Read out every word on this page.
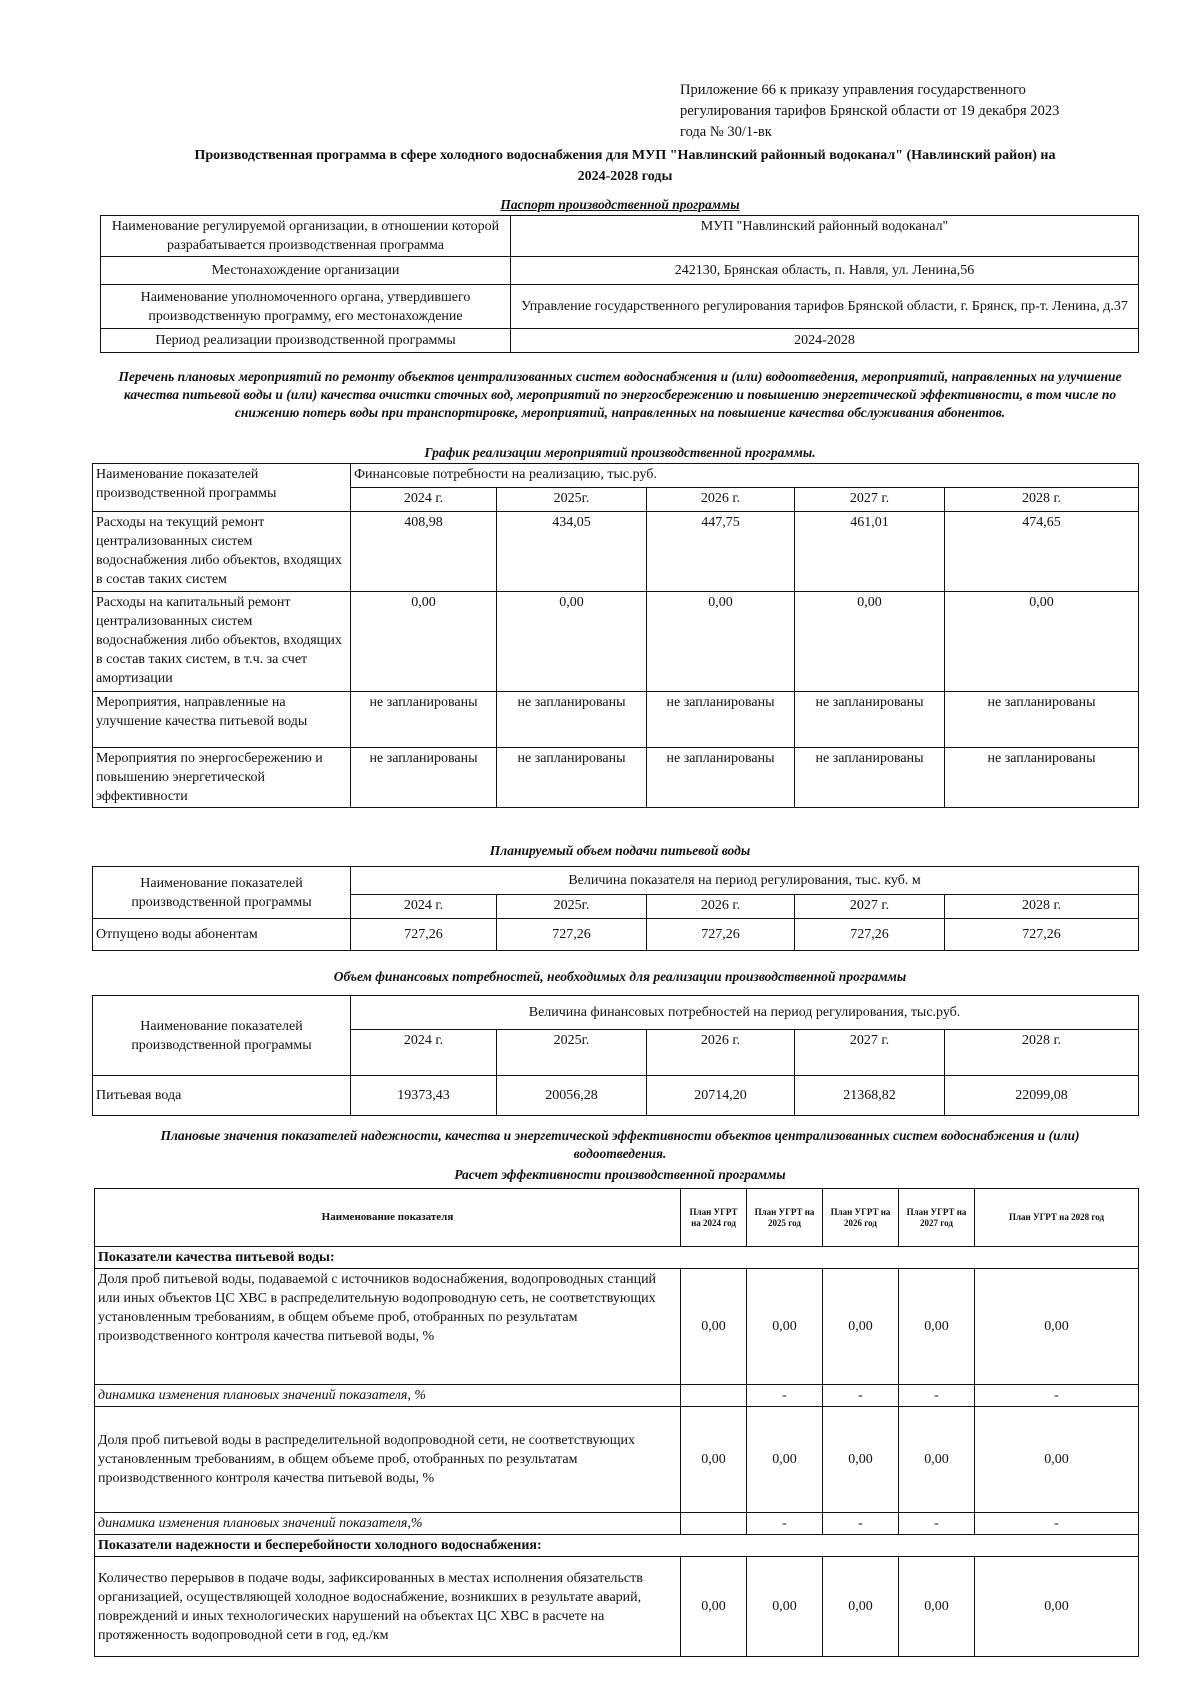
Приложение 66 к приказу управления государственного
регулирования тарифов Брянской области от 19 декабря 2023
года № 30/1-вк
Производственная программа в сфере холодного водоснабжения для МУП "Навлинский районный водоканал" (Навлинский район) на
2024-2028 годы
Паспорт производственной программы
Наименование регулируемой организации, в отношении которой разрабатывается производственная программа	МУП "Навлинский районный водоканал"
Местонахождение организации	242130, Брянская область, п. Навля, ул. Ленина,56
Наименование уполномоченного органа, утвердившего производственную программу, его местонахождение	Управление государственного регулирования тарифов Брянской области, г. Брянск, пр-т. Ленина, д.37
Период реализации производственной программы	2024-2028
Перечень плановых мероприятий по ремонту объектов централизованных систем водоснабжения и (или) водоотведения, мероприятий, направленных на улучшение качества питьевой воды и (или) качества очистки сточных вод, мероприятий по энергосбережению и повышению энергетической эффективности, в том числе по снижению потерь воды при транспортировке, мероприятий, направленных на повышение качества обслуживания абонентов.
График реализации мероприятий производственной программы.
Наименование показателей производственной программы	Финансовые потребности на реализацию, тыс.руб.				
	2024 г.	2025г.	2026 г.	2027 г.	2028 г.
Расходы на текущий ремонт централизованных систем водоснабжения либо объектов, входящих в состав таких систем	408,98	434,05	447,75	461,01	474,65
Расходы на капитальный ремонт централизованных систем водоснабжения либо объектов, входящих в состав таких систем, в т.ч. за счет амортизации	0,00	0,00	0,00	0,00	0,00
Мероприятия, направленные на улучшение качества питьевой воды	не запланированы	не запланированы	не запланированы	не запланированы	не запланированы
Мероприятия по энергосбережению и повышению энергетической эффективности	не запланированы	не запланированы	не запланированы	не запланированы	не запланированы
Планируемый объем подачи питьевой воды
Наименование показателей
производственной программы	Величина показателя на период регулирования, тыс. куб. м				
	2024 г.	2025г.	2026 г.	2027 г.	2028 г.
Отпущено воды абонентам	727,26	727,26	727,26	727,26	727,26
Объем финансовых потребностей, необходимых для реализации производственной программы
Наименование показателей
производственной программы	Величина финансовых потребностей на период регулирования, тыс.руб.				
	2024 г.	2025г.	2026 г.	2027 г.	2028 г.
Питьевая вода	19373,43	20056,28	20714,20	21368,82	22099,08
Плановые значения показателей надежности, качества и энергетической эффективности объектов централизованных систем водоснабжения и (или) водоотведения.
Расчет эффективности производственной программы
Наименование показателя	План УГРТ на 2024 год	План УГРТ на 2025 год	План УГРТ на 2026 год	План УГРТ на 2027 год	План УГРТ на 2028 год
Показатели качества питьевой воды:					
Доля проб питьевой воды, подаваемой с источников водоснабжения, водопроводных станций или иных объектов ЦС ХВС в распределительную водопроводную сеть, не соответствующих установленным требованиям, в общем объеме проб, отобранных по результатам производственного контроля качества питьевой воды, %	0,00	0,00	0,00	0,00	0,00
динамика изменения плановых значений показателя, %		-	-	-	-
Доля проб питьевой воды в распределительной водопроводной сети, не соответствующих установленным требованиям, в общем объеме проб, отобранных по результатам производственного контроля качества питьевой воды, %	0,00	0,00	0,00	0,00	0,00
динамика изменения плановых значений показателя,%		-	-	-	-
Показатели надежности и бесперебойности холодного водоснабжения:					
Количество перерывов в подаче воды, зафиксированных в местах исполнения обязательств организацией, осуществляющей холодное водоснабжение, возникших в результате аварий, повреждений и иных технологических нарушений на объектах ЦС ХВС в расчете на протяженность водопроводной сети в год, ед./км	0,00	0,00	0,00	0,00	0,00
